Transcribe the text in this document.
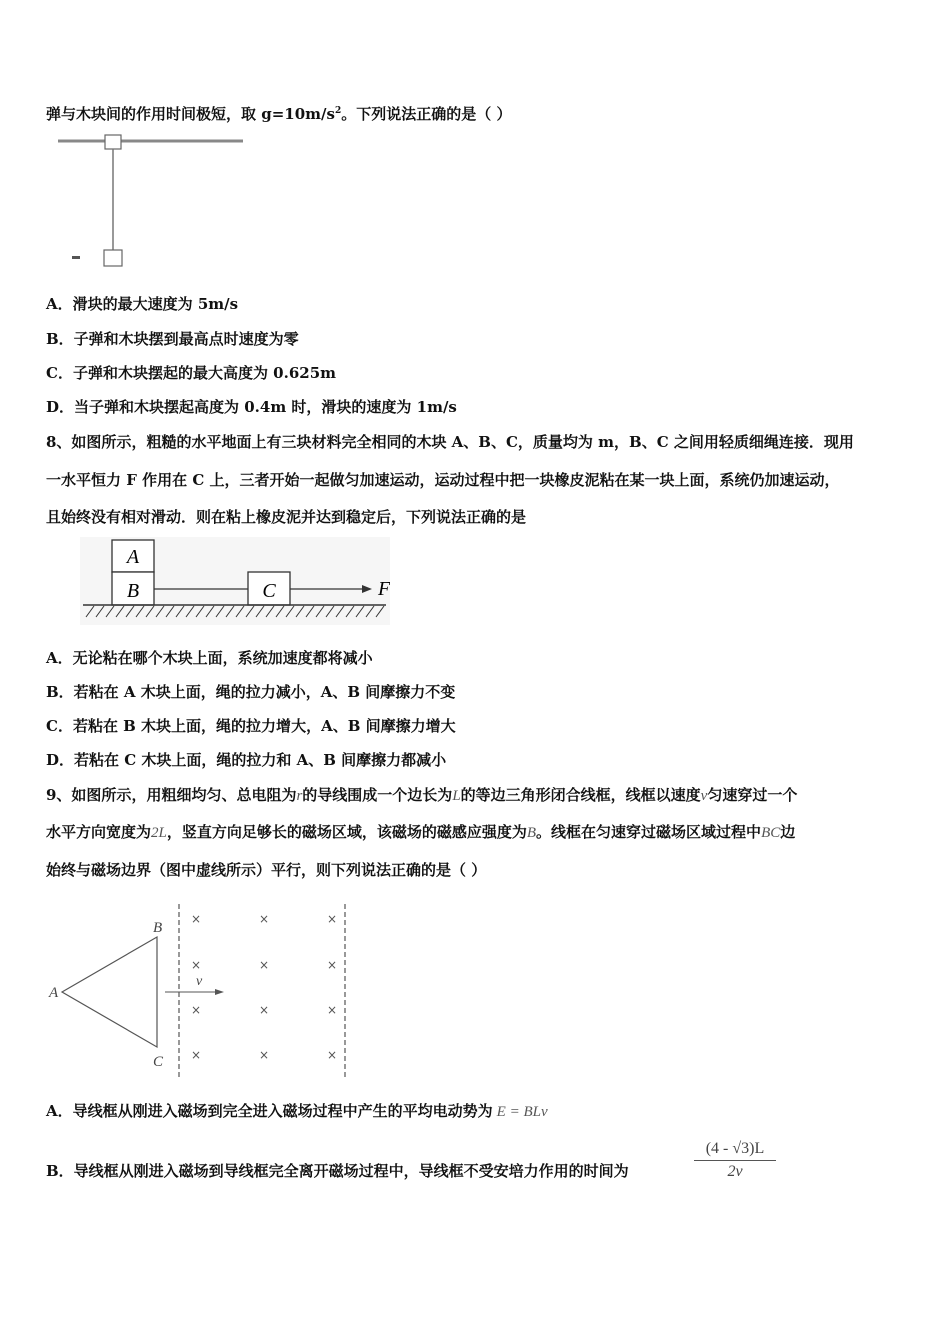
弹与木块间的作用时间极短，取 $g=10m/s^2$。下列说法正确的是（ ）
A．滑块的最大速度为 5m/s
B．子弹和木块摆到最高点时速度为零
C．子弹和木块摆起的最大高度为 0.625m
D．当子弹和木块摆起高度为 0.4m 时，滑块的速度为 1m/s
8、如图所示，粗糙的水平地面上有三块材料完全相同的木块 A、B、C，质量均为 m，B、C 之间用轻质细绳连接．现用
一水平恒力 F 作用在 C 上，三者开始一起做匀加速运动，运动过程中把一块橡皮泥粘在某一块上面，系统仍加速运动，
且始终没有相对滑动．则在粘上橡皮泥并达到稳定后，下列说法正确的是
A
B	C	F
A．无论粘在哪个木块上面，系统加速度都将减小
B．若粘在 A 木块上面，绳的拉力减小，A、B 间摩擦力不变
C．若粘在 B 木块上面，绳的拉力增大，A、B 间摩擦力增大
D．若粘在 C 木块上面，绳的拉力和 A、B 间摩擦力都减小
9、如图所示，用粗细均匀、总电阻为r的导线围成一个边长为L的等边三角形闭合线框，线框以速度v匀速穿过一个
水平方向宽度为2L，竖直方向足够长的磁场区域，该磁场的磁感应强度为B。线框在匀速穿过磁场区域过程中BC边
始终与磁场边界（图中虚线所示）平行，则下列说法正确的是（ ）
A
B
C
v
×	×	×
×	×	×
×	×	×
×	×	×
A．导线框从刚进入磁场到完全进入磁场过程中产生的平均电动势为 E = BLv
B．导线框从刚进入磁场到导线框完全离开磁场过程中，导线框不受安培力作用的时间为	$\frac{(4 - √3)L}{2v}$
